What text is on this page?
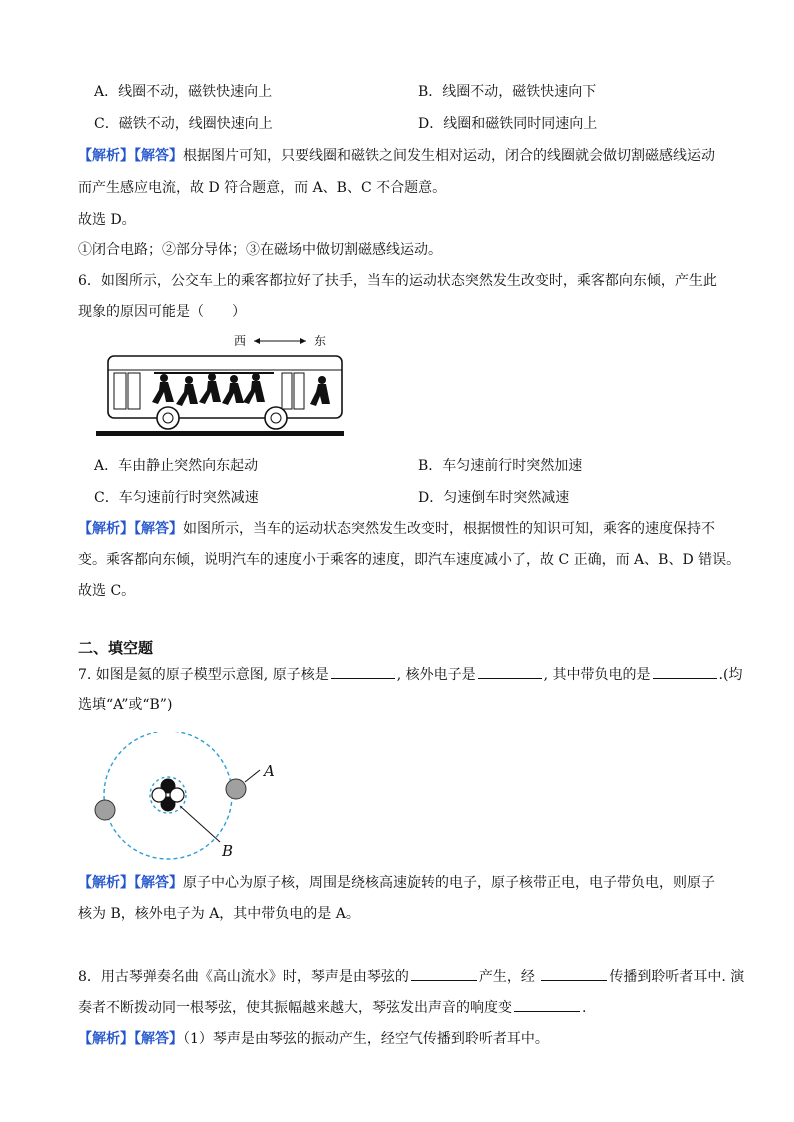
A．线圈不动，磁铁快速向上	B．线圈不动，磁铁快速向下
C．磁铁不动，线圈快速向上	D．线圈和磁铁同时同速向上
【解析】【解答】根据图片可知，只要线圈和磁铁之间发生相对运动，闭合的线圈就会做切割磁感线运动
而产生感应电流，故 D 符合题意，而 A、B、C 不合题意。
故选 D。
①闭合电路；②部分导体；③在磁场中做切割磁感线运动。
6．如图所示，公交车上的乘客都拉好了扶手，当车的运动状态突然发生改变时，乘客都向东倾，产生此
现象的原因可能是（　　）
西	东
A．车由静止突然向东起动	B．车匀速前行时突然加速
C．车匀速前行时突然减速	D．匀速倒车时突然减速
【解析】【解答】如图所示，当车的运动状态突然发生改变时，根据惯性的知识可知，乘客的速度保持不
变。乘客都向东倾，说明汽车的速度小于乘客的速度，即汽车速度减小了，故 C 正确，而 A、B、D 错误。
故选 C。
二、填空题
7. 如图是氦的原子模型示意图, 原子核是	, 核外电子是	, 其中带负电的是	.(均
选填“A”或“B”)
A
B
【解析】【解答】原子中心为原子核，周围是绕核高速旋转的电子，原子核带正电，电子带负电，则原子
核为 B，核外电子为 A，其中带负电的是 A。
8．用古琴弹奏名曲《高山流水》时，琴声是由琴弦的	产生，经	传播到聆听者耳中. 演
奏者不断拨动同一根琴弦，使其振幅越来越大，琴弦发出声音的响度变	.
【解析】【解答】（1）琴声是由琴弦的振动产生，经空气传播到聆听者耳中。
